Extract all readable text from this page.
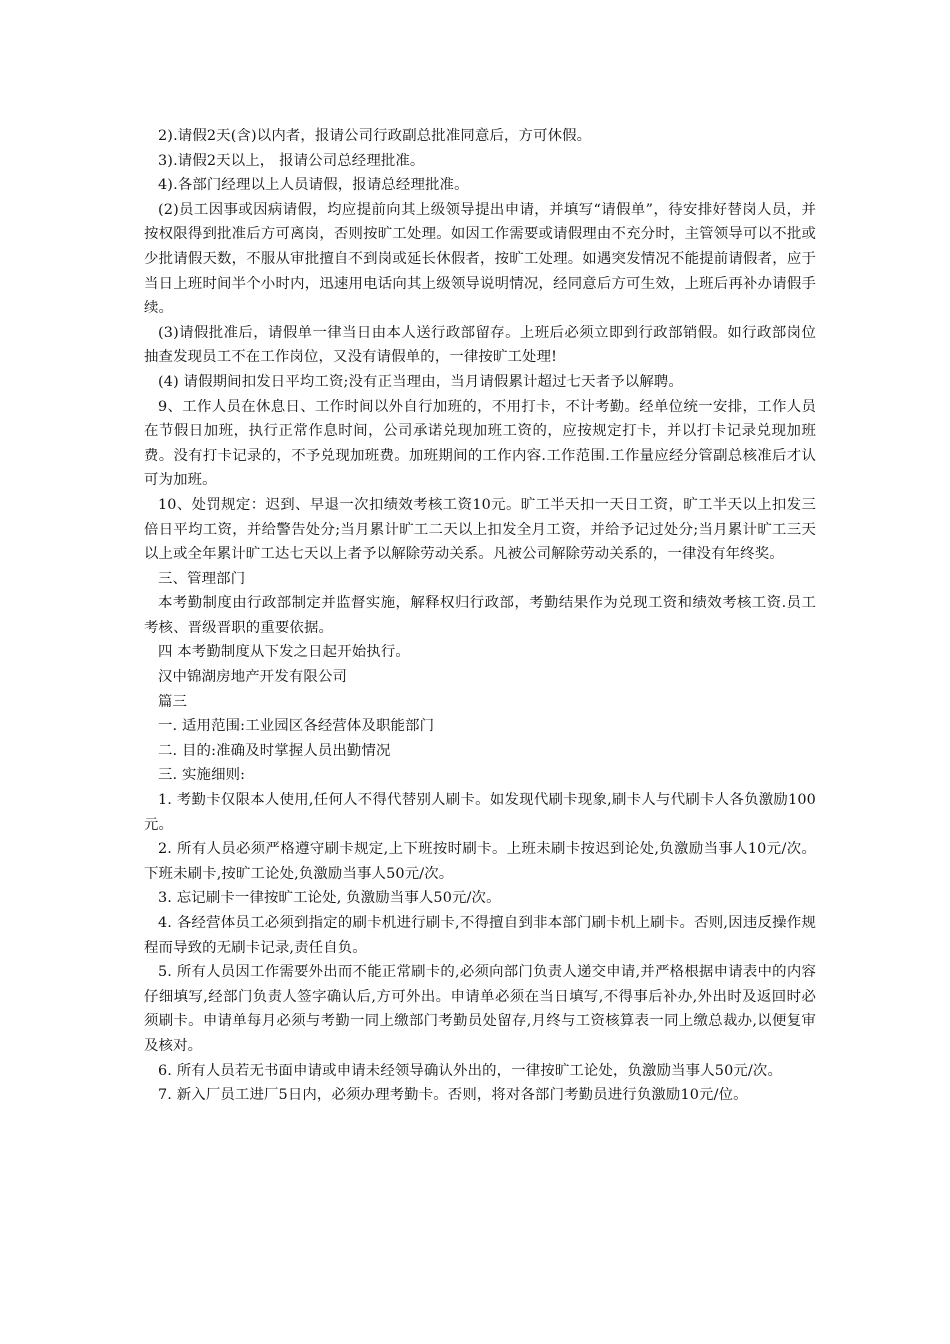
2).请假2天(含)以内者，报请公司行政副总批准同意后，方可休假。

3).请假2天以上， 报请公司总经理批准。

4).各部门经理以上人员请假，报请总经理批准。

(2)员工因事或因病请假，均应提前向其上级领导提出申请，并填写“请假单”，待安排好替岗人员，并按权限得到批准后方可离岗，否则按旷工处理。如因工作需要或请假理由不充分时，主管领导可以不批或少批请假天数，不服从审批擅自不到岗或延长休假者，按旷工处理。如遇突发情况不能提前请假者，应于当日上班时间半个小时内，迅速用电话向其上级领导说明情况，经同意后方可生效，上班后再补办请假手续。

(3)请假批准后，请假单一律当日由本人送行政部留存。上班后必须立即到行政部销假。如行政部岗位抽查发现员工不在工作岗位，又没有请假单的，一律按旷工处理!

(4) 请假期间扣发日平均工资;没有正当理由，当月请假累计超过七天者予以解聘。

9、工作人员在休息日、工作时间以外自行加班的，不用打卡，不计考勤。经单位统一安排，工作人员在节假日加班，执行正常作息时间，公司承诺兑现加班工资的，应按规定打卡，并以打卡记录兑现加班费。没有打卡记录的，不予兑现加班费。加班期间的工作内容.工作范围.工作量应经分管副总核准后才认可为加班。

10、处罚规定：迟到、早退一次扣绩效考核工资10元。旷工半天扣一天日工资，旷工半天以上扣发三倍日平均工资，并给警告处分;当月累计旷工二天以上扣发全月工资，并给予记过处分;当月累计旷工三天以上或全年累计旷工达七天以上者予以解除劳动关系。凡被公司解除劳动关系的，一律没有年终奖。

三、管理部门

本考勤制度由行政部制定并监督实施，解释权归行政部，考勤结果作为兑现工资和绩效考核工资.员工考核、晋级晋职的重要依据。

四 本考勤制度从下发之日起开始执行。

汉中锦湖房地产开发有限公司

篇三

一. 适用范围:工业园区各经营体及职能部门

二. 目的:准确及时掌握人员出勤情况

三. 实施细则:

1. 考勤卡仅限本人使用,任何人不得代替别人刷卡。如发现代刷卡现象,刷卡人与代刷卡人各负激励100元。

2. 所有人员必须严格遵守刷卡规定,上下班按时刷卡。上班未刷卡按迟到论处,负激励当事人10元/次。下班未刷卡,按旷工论处,负激励当事人50元/次。

3. 忘记刷卡一律按旷工论处, 负激励当事人50元/次。

4. 各经营体员工必须到指定的刷卡机进行刷卡,不得擅自到非本部门刷卡机上刷卡。否则,因违反操作规程而导致的无刷卡记录,责任自负。

5. 所有人员因工作需要外出而不能正常刷卡的,必须向部门负责人递交申请,并严格根据申请表中的内容仔细填写,经部门负责人签字确认后,方可外出。申请单必须在当日填写,不得事后补办,外出时及返回时必须刷卡。申请单每月必须与考勤一同上缴部门考勤员处留存,月终与工资核算表一同上缴总裁办,以便复审及核对。

6. 所有人员若无书面申请或申请未经领导确认外出的，一律按旷工论处，负激励当事人50元/次。

7. 新入厂员工进厂5日内，必须办理考勤卡。否则，将对各部门考勤员进行负激励10元/位。
